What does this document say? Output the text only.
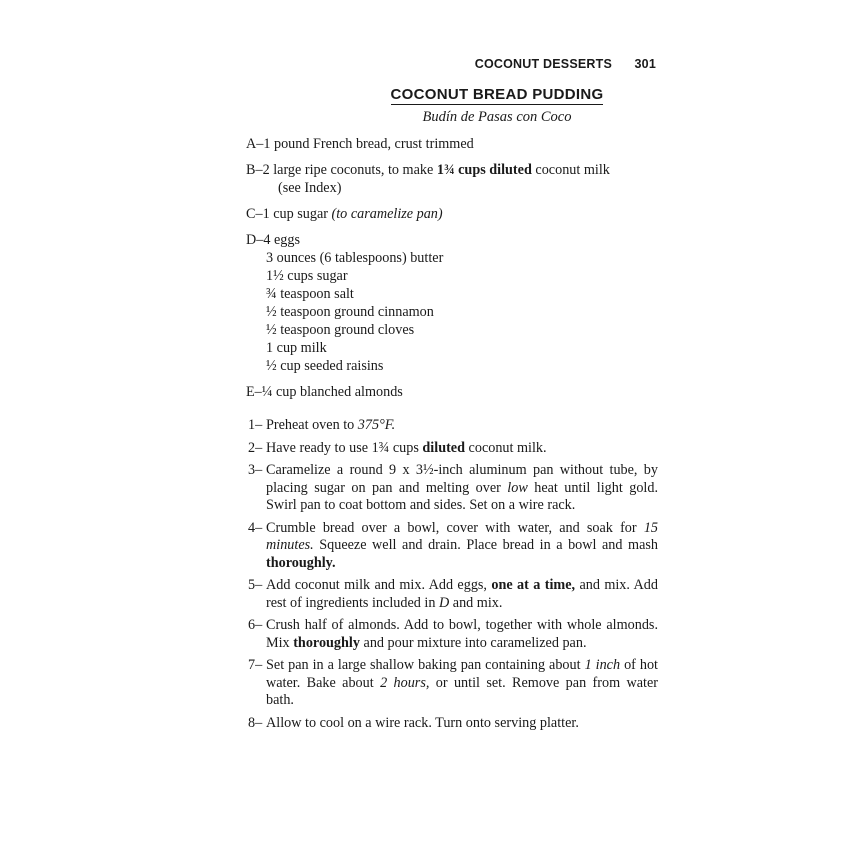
COCONUT DESSERTS 301
COCONUT BREAD PUDDING
Budín de Pasas con Coco
A–1 pound French bread, crust trimmed
B–2 large ripe coconuts, to make 1¾ cups diluted coconut milk
(see Index)
C–1 cup sugar (to caramelize pan)
D–4 eggs
3 ounces (6 tablespoons) butter
1½ cups sugar
¾ teaspoon salt
½ teaspoon ground cinnamon
½ teaspoon ground cloves
1 cup milk
½ cup seeded raisins
E–¼ cup blanched almonds
1– Preheat oven to 375°F.
2– Have ready to use 1¾ cups diluted coconut milk.
3– Caramelize a round 9 x 3½-inch aluminum pan without tube, by placing sugar on pan and melting over low heat until light gold. Swirl pan to coat bottom and sides. Set on a wire rack.
4– Crumble bread over a bowl, cover with water, and soak for 15 minutes. Squeeze well and drain. Place bread in a bowl and mash thoroughly.
5– Add coconut milk and mix. Add eggs, one at a time, and mix. Add rest of ingredients included in D and mix.
6– Crush half of almonds. Add to bowl, together with whole almonds. Mix thoroughly and pour mixture into caramelized pan.
7– Set pan in a large shallow baking pan containing about 1 inch of hot water. Bake about 2 hours, or until set. Remove pan from water bath.
8– Allow to cool on a wire rack. Turn onto serving platter.
